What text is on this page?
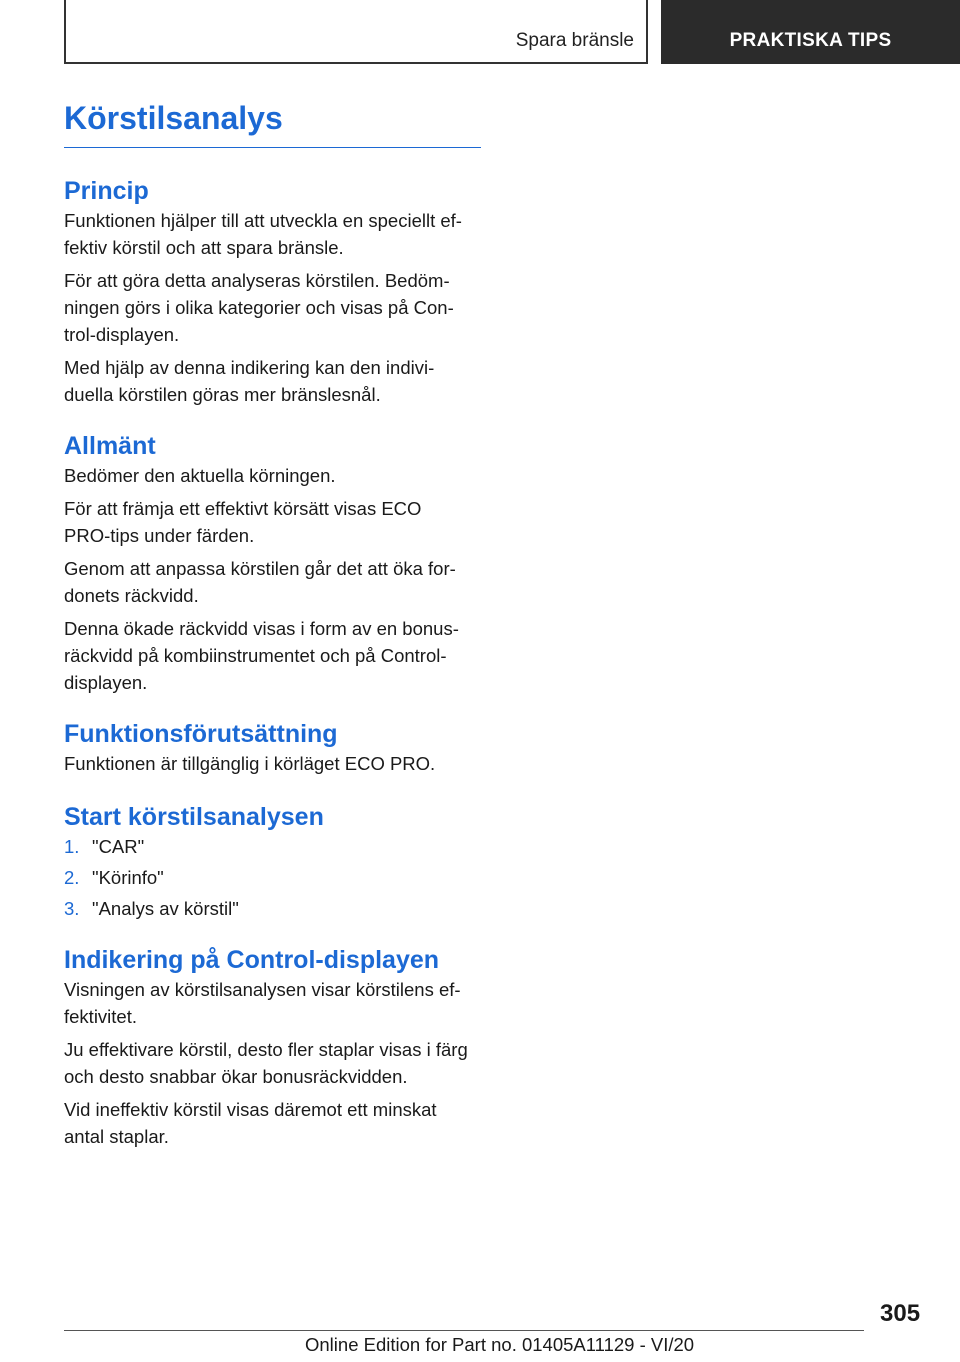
Spara bränsle	PRAKTISKA TIPS
Körstilsanalys
Princip

Funktionen hjälper till att utveckla en speciellt ef-
fektiv körstil och att spara bränsle.

För att göra detta analyseras körstilen. Bedöm-
ningen görs i olika kategorier och visas på Con-
trol-displayen.

Med hjälp av denna indikering kan den indivi-
duella körstilen göras mer bränslesnål.

Allmänt

Bedömer den aktuella körningen.

För att främja ett effektivt körsätt visas ECO
PRO-tips under färden.

Genom att anpassa körstilen går det att öka for-
donets räckvidd.

Denna ökade räckvidd visas i form av en bonus-
räckvidd på kombiinstrumentet och på Control-
displayen.

Funktionsförutsättning

Funktionen är tillgänglig i körläget ECO PRO.

Start körstilsanalysen
1. "CAR"
2. "Körinfo"
3. "Analys av körstil"
Indikering på Control-displayen

Visningen av körstilsanalysen visar körstilens ef-
fektivitet.

Ju effektivare körstil, desto fler staplar visas i färg
och desto snabbar ökar bonusräckvidden.

Vid ineffektiv körstil visas däremot ett minskat
antal staplar.

305
Online Edition for Part no. 01405A11129 - VI/20
